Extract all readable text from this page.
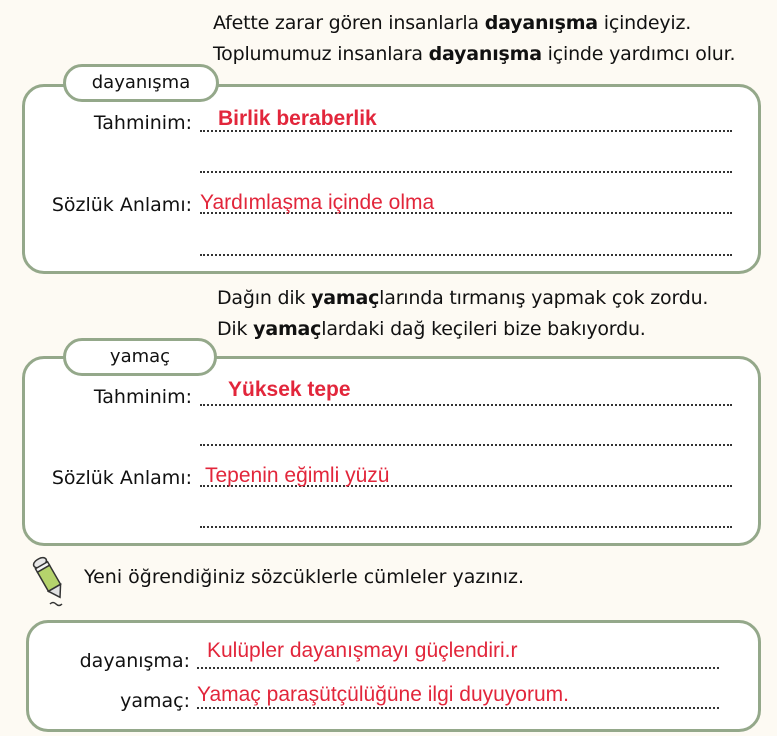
Afette zarar gören insanlarla dayanışma içindeyiz.
Toplumumuz insanlara dayanışma içinde yardımcı olur.
dayanışma
Tahminim: Birlik beraberlik
Sözlük Anlamı: Yardımlaşma içinde olma
Dağın dik yamaçlarında tırmanış yapmak çok zordu.
Dik yamaçlardaki dağ keçileri bize bakıyordu.
yamaç
Tahminim: Yüksek tepe
Sözlük Anlamı: Tepenin eğimli yüzü
Yeni öğrendiğiniz sözcüklerle cümleler yazınız.
dayanışma: Kulüpler dayanışmayı güçlendiri.r
yamaç: Yamaç paraşütçülüğüne ilgi duyuyorum.
